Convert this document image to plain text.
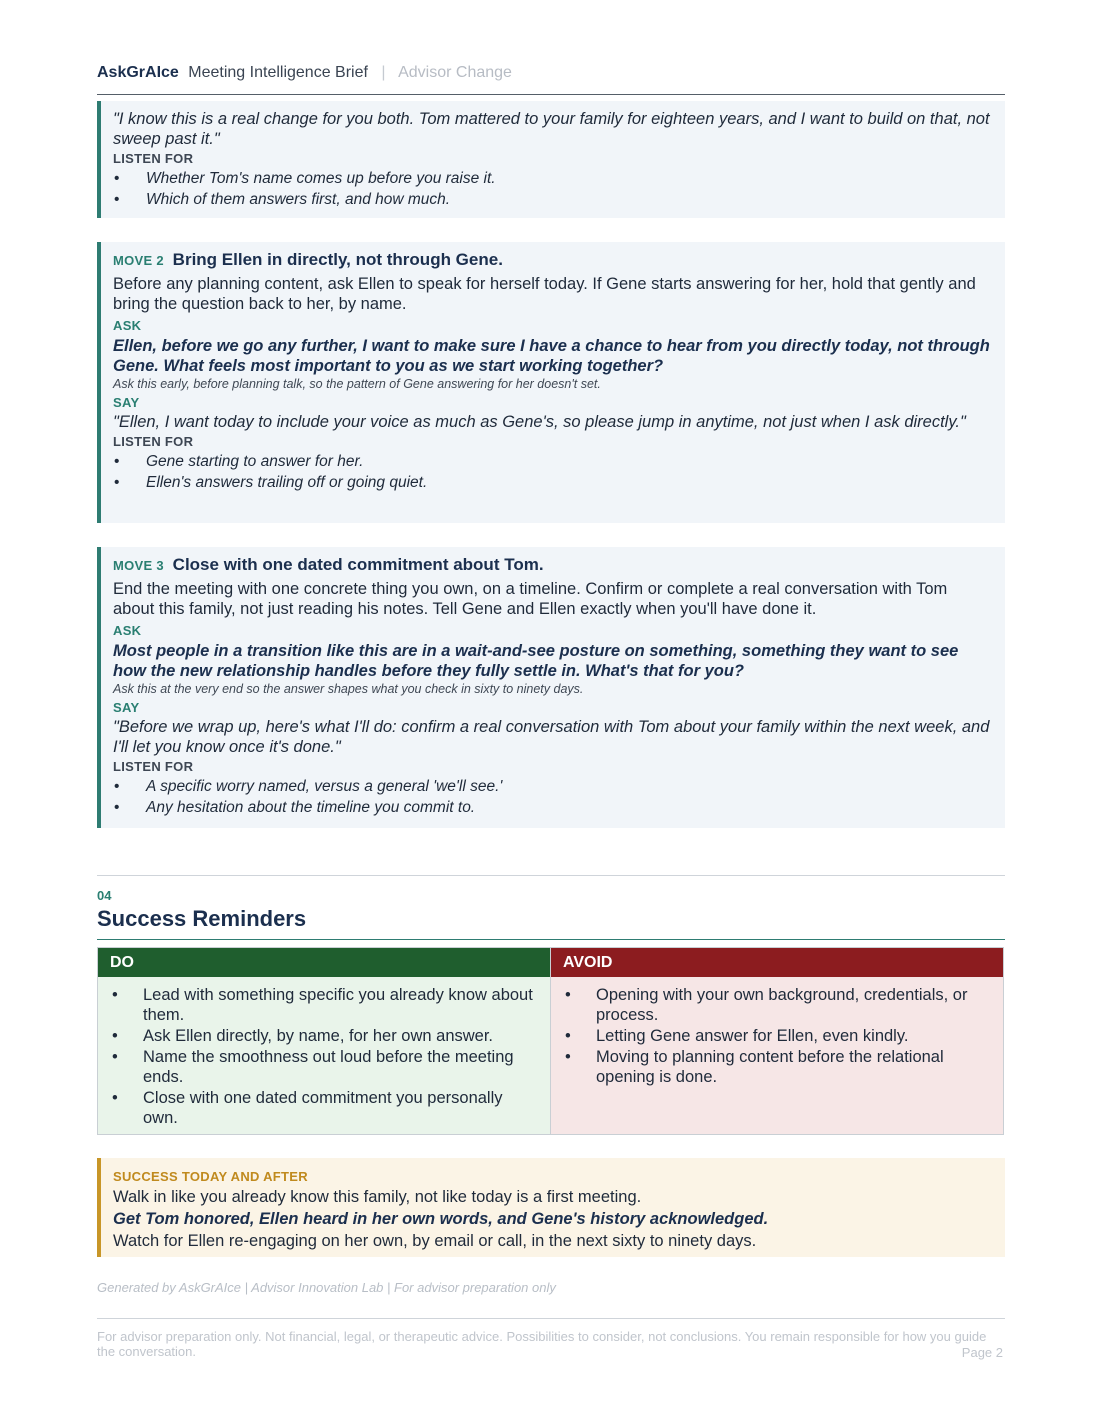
AskGrAIce Meeting Intelligence Brief | Advisor Change
"I know this is a real change for you both. Tom mattered to your family for eighteen years, and I want to build on that, not sweep past it."
LISTEN FOR
• Whether Tom's name comes up before you raise it.
• Which of them answers first, and how much.
MOVE 2 Bring Ellen in directly, not through Gene.
Before any planning content, ask Ellen to speak for herself today. If Gene starts answering for her, hold that gently and bring the question back to her, by name.
ASK
Ellen, before we go any further, I want to make sure I have a chance to hear from you directly today, not through Gene. What feels most important to you as we start working together?
Ask this early, before planning talk, so the pattern of Gene answering for her doesn't set.
SAY
"Ellen, I want today to include your voice as much as Gene's, so please jump in anytime, not just when I ask directly."
LISTEN FOR
• Gene starting to answer for her.
• Ellen's answers trailing off or going quiet.
MOVE 3 Close with one dated commitment about Tom.
End the meeting with one concrete thing you own, on a timeline. Confirm or complete a real conversation with Tom about this family, not just reading his notes. Tell Gene and Ellen exactly when you'll have done it.
ASK
Most people in a transition like this are in a wait-and-see posture on something, something they want to see how the new relationship handles before they fully settle in. What's that for you?
Ask this at the very end so the answer shapes what you check in sixty to ninety days.
SAY
"Before we wrap up, here's what I'll do: confirm a real conversation with Tom about your family within the next week, and I'll let you know once it's done."
LISTEN FOR
• A specific worry named, versus a general 'we'll see.'
• Any hesitation about the timeline you commit to.
04
Success Reminders
DO
• Lead with something specific you already know about them.
• Ask Ellen directly, by name, for her own answer.
• Name the smoothness out loud before the meeting ends.
• Close with one dated commitment you personally own.
AVOID
• Opening with your own background, credentials, or process.
• Letting Gene answer for Ellen, even kindly.
• Moving to planning content before the relational opening is done.
SUCCESS TODAY AND AFTER
Walk in like you already know this family, not like today is a first meeting.
Get Tom honored, Ellen heard in her own words, and Gene's history acknowledged.
Watch for Ellen re-engaging on her own, by email or call, in the next sixty to ninety days.
Generated by AskGrAIce | Advisor Innovation Lab | For advisor preparation only
For advisor preparation only. Not financial, legal, or therapeutic advice. Possibilities to consider, not conclusions. You remain responsible for how you guide the conversation.	Page 2
